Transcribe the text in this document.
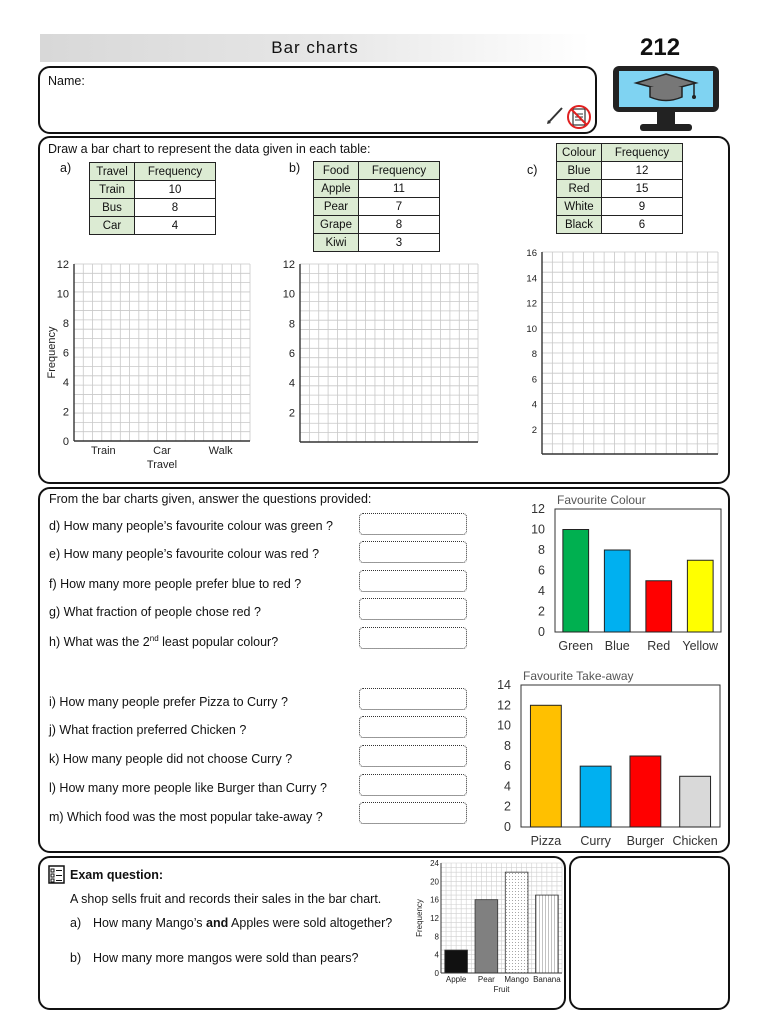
Bar charts	212
Name:
Draw a bar chart to represent the data given in each table:
a) Travel	Frequency
Train	10
Bus	8
Car	4
b) Food	Frequency
Apple	11
Pear	7
Grape	8
Kiwi	3
c)
Colour	Frequency
Blue	12
Red	15
White	9
Black	6
0
2
4
6
8
10
12
Train	Car	Walk
Travel
Frequency
2
4
6
8
10
12
2
4
6
8
10
12
14
16
From the bar charts given, answer the questions provided:
d) How many people’s favourite colour was green ?
e) How many people’s favourite colour was red ?
f) How many more people prefer blue to red ?
g) What fraction of people chose red ?
h) What was the 2nd least popular colour?
i) How many people prefer Pizza to Curry ?
j) What fraction preferred Chicken ?
k) How many people did not choose Curry ?
l) How many more people like Burger than Curry ?
m) Which food was the most popular take-away ?
Favourite Colour
0
2
4
6
8
10
12
Green Blue Red Yellow
Favourite Take-away
0
2
4
6
8
10
12
14
Pizza Curry Burger Chicken
Exam question:
A shop sells fruit and records their sales in the bar chart.
a) How many Mango’s and Apples were sold altogether?
b) How many more mangos were sold than pears?
0
4
8
12
16
20
24
Apple Pear Mango Banana
Fruit
Frequency
